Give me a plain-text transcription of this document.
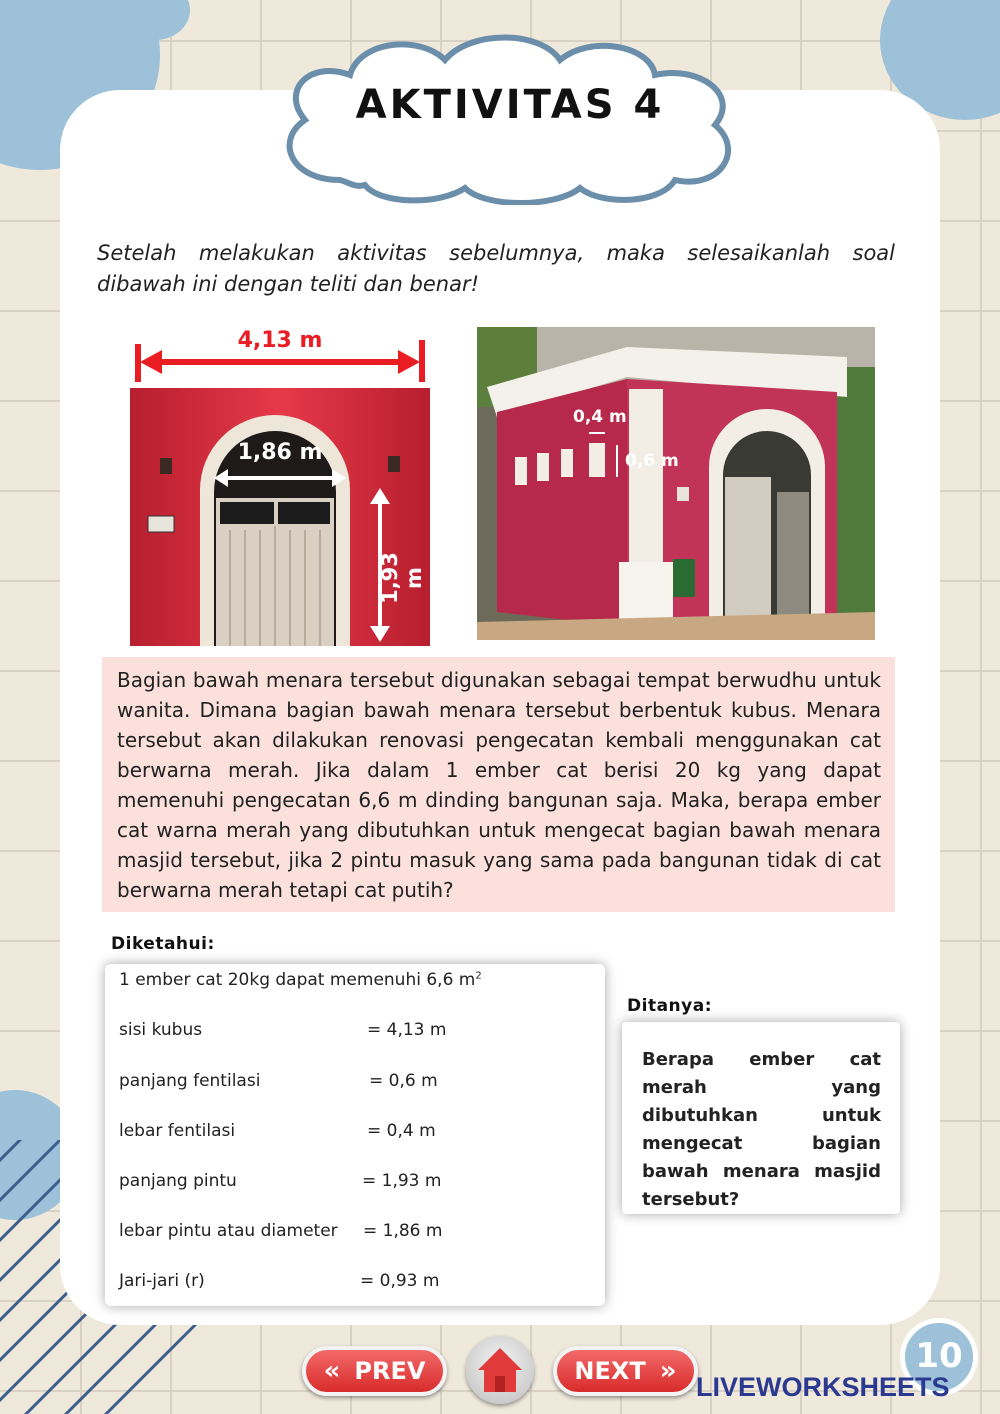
AKTIVITAS 4
Setelah melakukan aktivitas sebelumnya, maka selesaikanlah soal dibawah ini dengan teliti dan benar!
4,13 m
1,86 m
1,93 m
0,4 m
0,6 m
Bagian bawah menara tersebut digunakan sebagai tempat berwudhu untuk wanita. Dimana bagian bawah menara tersebut berbentuk kubus. Menara tersebut akan dilakukan renovasi pengecatan kembali menggunakan cat berwarna merah. Jika dalam 1 ember cat berisi 20 kg yang dapat memenuhi pengecatan 6,6 m dinding bangunan saja. Maka, berapa ember cat warna merah yang dibutuhkan untuk mengecat bagian bawah menara masjid tersebut, jika 2 pintu masuk yang sama pada bangunan tidak di cat berwarna merah tetapi cat putih?
Diketahui:
1 ember cat 20kg dapat memenuhi 6,6 $m^2$
sisi kubus	= 4,13 m
panjang fentilasi	= 0,6 m
lebar fentilasi	= 0,4 m
panjang pintu	= 1,93 m
lebar pintu atau diameter = 1,86 m
Jari-jari (r)	= 0,93 m
Ditanya:
Berapa ember cat merah yang dibutuhkan untuk mengecat bagian bawah menara masjid tersebut?
« PREV	NEXT »	10
LIVEWORKSHEETS
